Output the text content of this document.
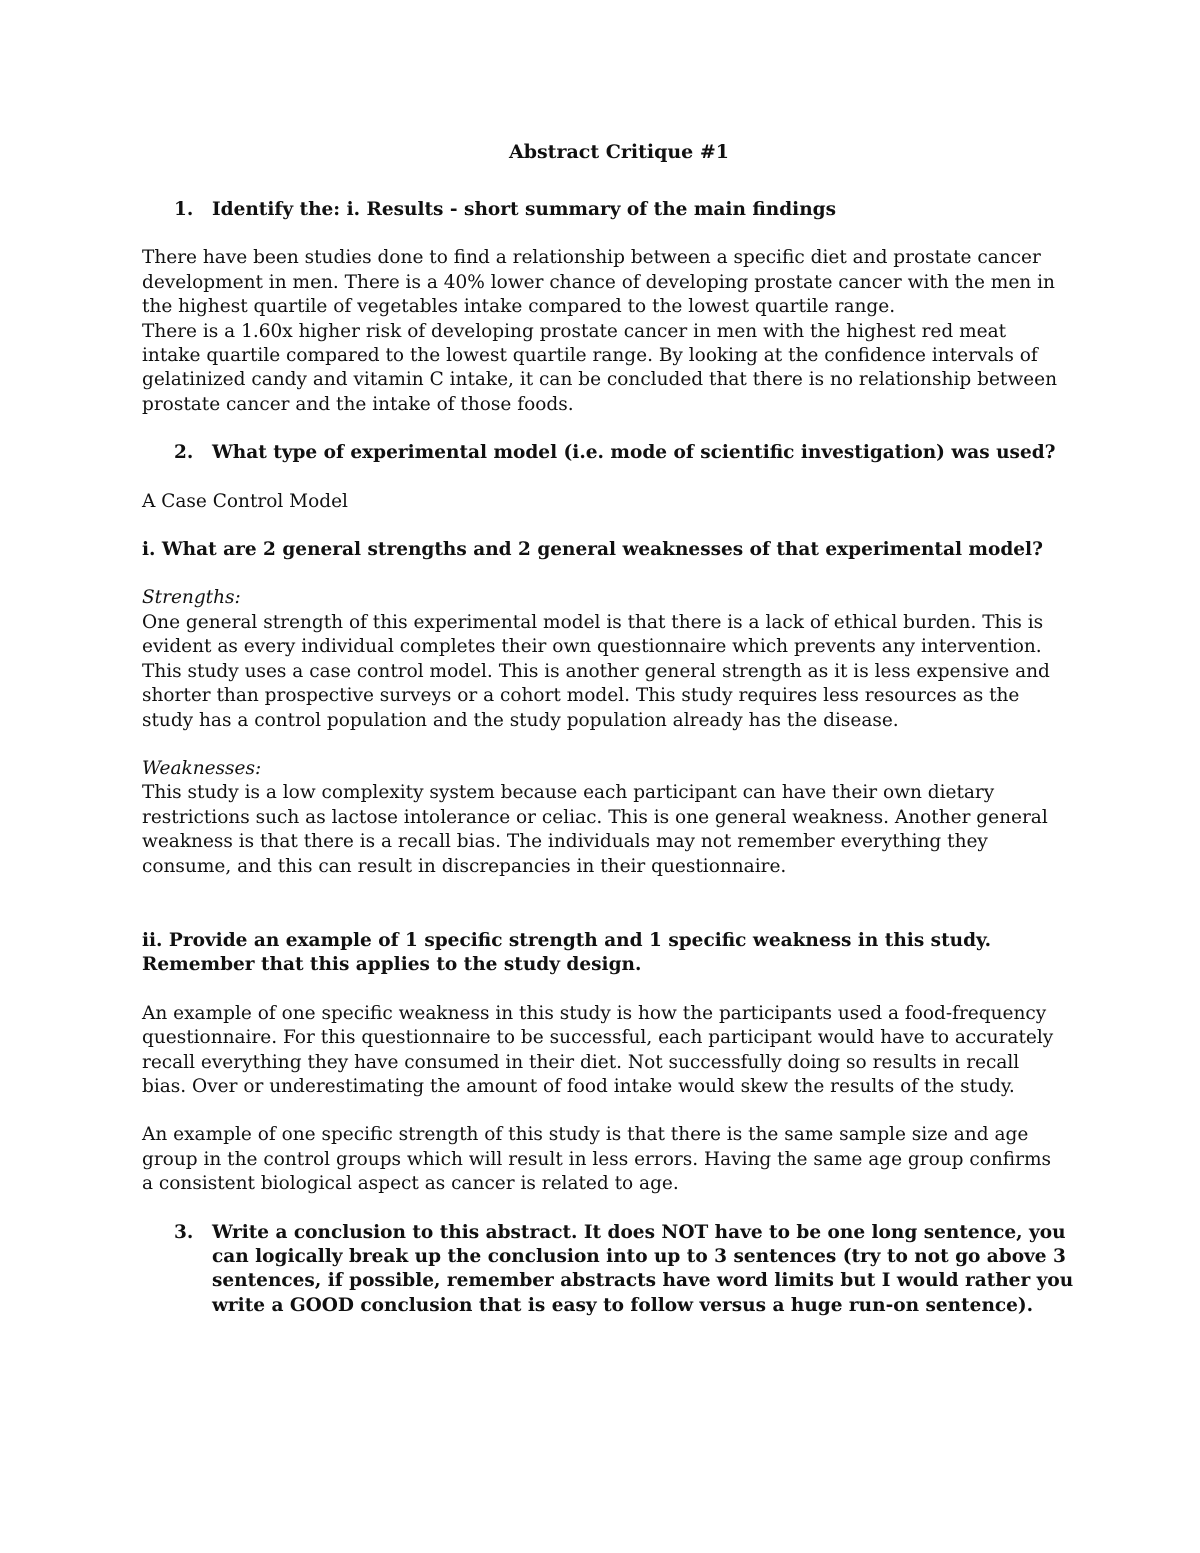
Abstract Critique #1
1.	Identify the: i. Results - short summary of the main findings
There have been studies done to find a relationship between a specific diet and prostate cancer
development in men. There is a 40% lower chance of developing prostate cancer with the men in
the highest quartile of vegetables intake compared to the lowest quartile range.
There is a 1.60x higher risk of developing prostate cancer in men with the highest red meat
intake quartile compared to the lowest quartile range. By looking at the confidence intervals of
gelatinized candy and vitamin C intake, it can be concluded that there is no relationship between
prostate cancer and the intake of those foods.
2.	What type of experimental model (i.e. mode of scientific investigation) was used?

A Case Control Model

i. What are 2 general strengths and 2 general weaknesses of that experimental model?

Strengths:

One general strength of this experimental model is that there is a lack of ethical burden. This is
evident as every individual completes their own questionnaire which prevents any intervention.
This study uses a case control model. This is another general strength as it is less expensive and
shorter than prospective surveys or a cohort model. This study requires less resources as the
study has a control population and the study population already has the disease.

Weaknesses:

This study is a low complexity system because each participant can have their own dietary
restrictions such as lactose intolerance or celiac. This is one general weakness. Another general
weakness is that there is a recall bias. The individuals may not remember everything they
consume, and this can result in discrepancies in their questionnaire.
ii. Provide an example of 1 specific strength and 1 specific weakness in this study.
Remember that this applies to the study design.
An example of one specific weakness in this study is how the participants used a food-frequency
questionnaire. For this questionnaire to be successful, each participant would have to accurately
recall everything they have consumed in their diet. Not successfully doing so results in recall
bias. Over or underestimating the amount of food intake would skew the results of the study.
An example of one specific strength of this study is that there is the same sample size and age
group in the control groups which will result in less errors. Having the same age group confirms
a consistent biological aspect as cancer is related to age.
3.	Write a conclusion to this abstract. It does NOT have to be one long sentence, you
can logically break up the conclusion into up to 3 sentences (try to not go above 3
sentences, if possible, remember abstracts have word limits but I would rather you
write a GOOD conclusion that is easy to follow versus a huge run-on sentence).
